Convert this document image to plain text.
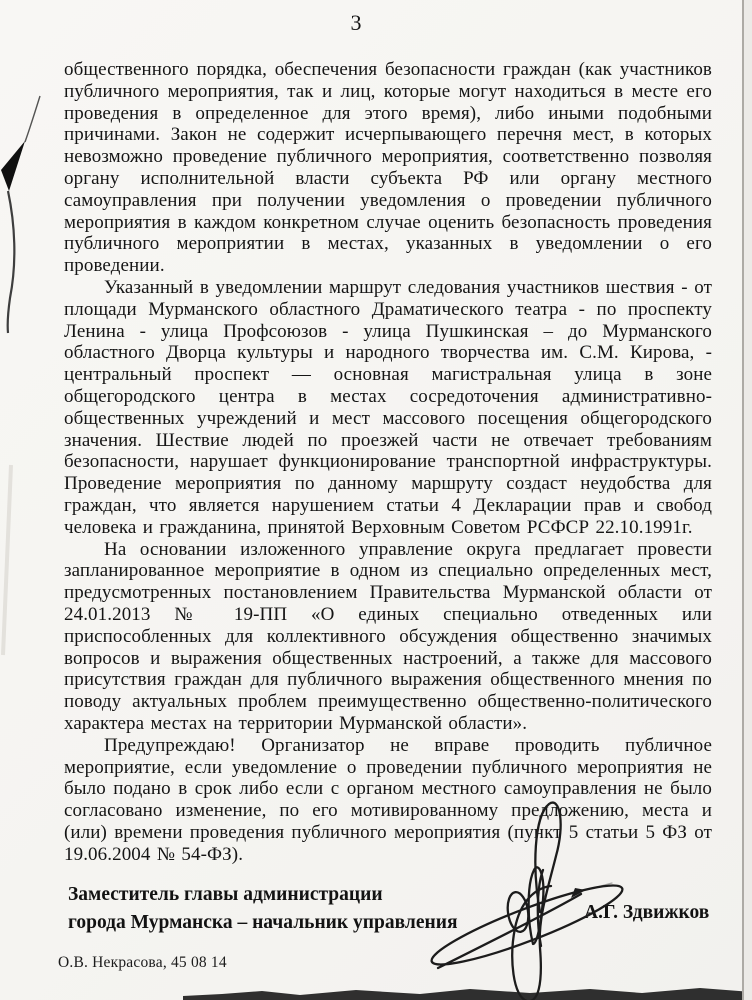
3

общественного порядка, обеспечения безопасности граждан (как участников публичного мероприятия, так и лиц, которые могут находиться в месте его проведения в определенное для этого время), либо иными подобными причинами. Закон не содержит исчерпывающего перечня мест, в которых невозможно проведение публичного мероприятия, соответственно позволяя органу исполнительной власти субъекта РФ или органу местного самоуправления при получении уведомления о проведении публичного мероприятия в каждом конкретном случае оценить безопасность проведения публичного мероприятии в местах, указанных в уведомлении о его проведении.

Указанный в уведомлении маршрут следования участников шествия - от площади Мурманского областного Драматического театра - по проспекту Ленина - улица Профсоюзов - улица Пушкинская – до Мурманского областного Дворца культуры и народного творчества им. С.М. Кирова, - центральный проспект — основная магистральная улица в зоне общегородского центра в местах сосредоточения административно-общественных учреждений и мест массового посещения общегородского значения. Шествие людей по проезжей части не отвечает требованиям безопасности, нарушает функционирование транспортной инфраструктуры. Проведение мероприятия по данному маршруту создаст неудобства для граждан, что является нарушением статьи 4 Декларации прав и свобод человека и гражданина, принятой Верховным Советом РСФСР 22.10.1991г.

На основании изложенного управление округа предлагает провести запланированное мероприятие в одном из специально определенных мест, предусмотренных постановлением Правительства Мурманской области от 24.01.2013 № 19-ПП «О единых специально отведенных или приспособленных для коллективного обсуждения общественно значимых вопросов и выражения общественных настроений, а также для массового присутствия граждан для публичного выражения общественного мнения по поводу актуальных проблем преимущественно общественно-политического характера местах на территории Мурманской области».

Предупреждаю! Организатор не вправе проводить публичное мероприятие, если уведомление о проведении публичного мероприятия не было подано в срок либо если с органом местного самоуправления не было согласовано изменение, по его мотивированному предложению, места и (или) времени проведения публичного мероприятия (пункт 5 статьи 5 ФЗ от 19.06.2004 № 54-ФЗ).

Заместитель главы администрации
города Мурманска – начальник управления	А.Г. Здвижков
О.В. Некрасова, 45 08 14
